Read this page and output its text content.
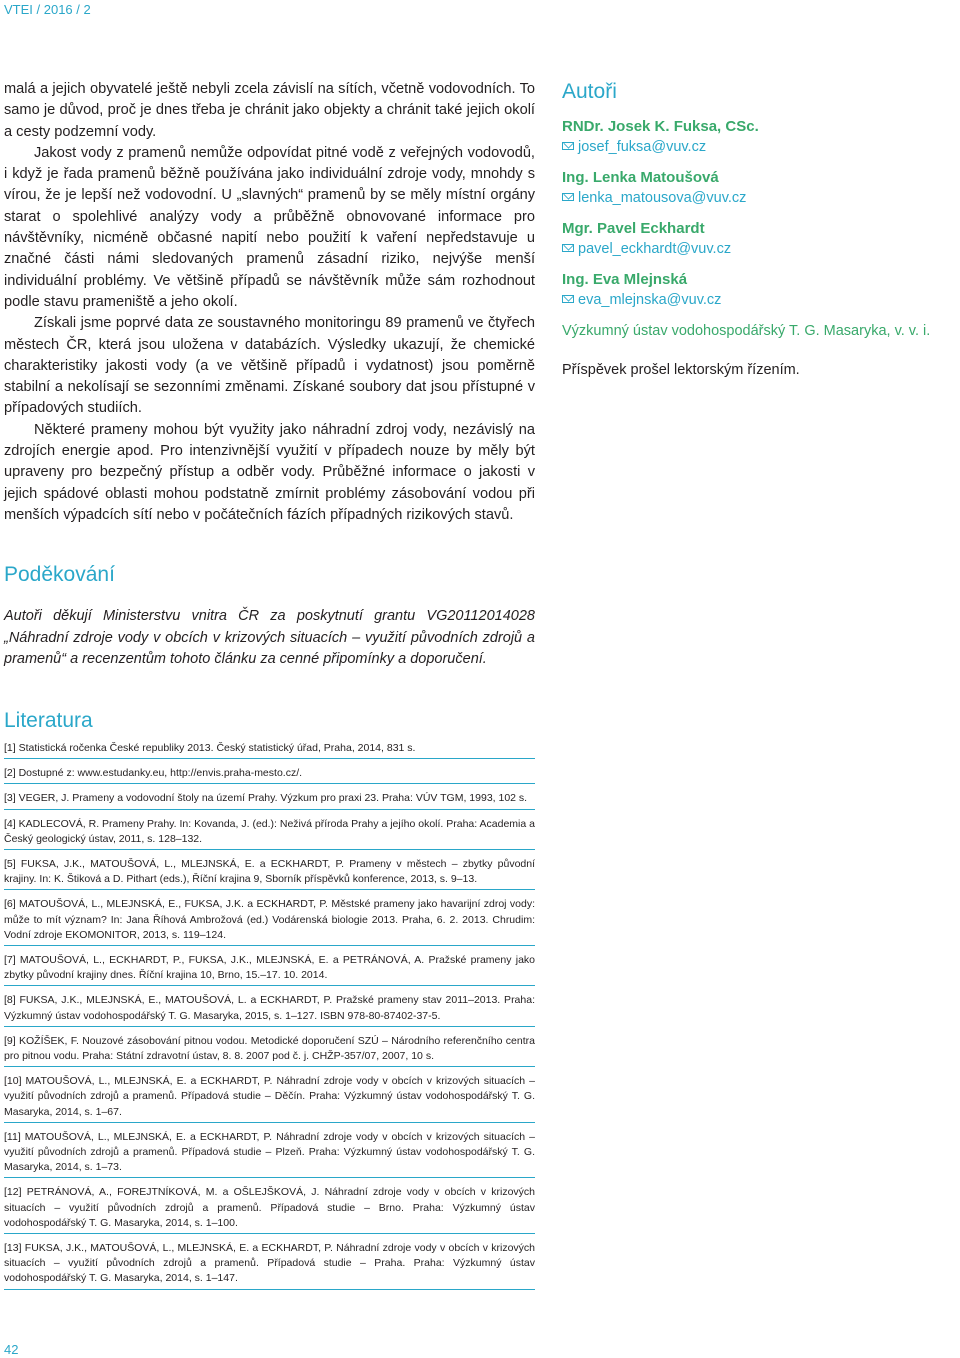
VTEI / 2016 / 2

malá a jejich obyvatelé ještě nebyli zcela závislí na sítích, včetně vodovodních. To samo je důvod, proč je dnes třeba je chránit jako objekty a chránit také jejich okolí a cesty podzemní vody.

Jakost vody z pramenů nemůže odpovídat pitné vodě z veřejných vodovodů, i když je řada pramenů běžně používána jako individuální zdroje vody, mnohdy s vírou, že je lepší než vodovodní. U „slavných“ pramenů by se měly místní orgány starat o spolehlivé analýzy vody a průběžně obnovované informace pro návštěvníky, nicméně občasné napití nebo použití k vaření nepředstavuje u značné části námi sledovaných pramenů zásadní riziko, nejvýše menší individuální problémy. Ve většině případů se návštěvník může sám rozhodnout podle stavu prameniště a jeho okolí.

Získali jsme poprvé data ze soustavného monitoringu 89 pramenů ve čtyřech městech ČR, která jsou uložena v databázích. Výsledky ukazují, že chemické charakteristiky jakosti vody (a ve většině případů i vydatnost) jsou poměrně stabilní a nekolísají se sezonními změnami. Získané soubory dat jsou přístupné v případových studiích.

Některé prameny mohou být využity jako náhradní zdroj vody, nezávislý na zdrojích energie apod. Pro intenzivnější využití v případech nouze by měly být upraveny pro bezpečný přístup a odběr vody. Průběžné informace o jakosti v jejich spádové oblasti mohou podstatně zmírnit problémy zásobování vodou při menších výpadcích sítí nebo v počátečních fázích případných rizikových stavů.

Autoři
RNDr. Josek K. Fuksa, CSc.
josef_fuksa@vuv.cz
Ing. Lenka Matoušová
lenka_matousova@vuv.cz
Mgr. Pavel Eckhardt
pavel_eckhardt@vuv.cz
Ing. Eva Mlejnská
eva_mlejnska@vuv.cz
Výzkumný ústav vodohospodářský T. G. Masaryka, v. v. i.
Příspěvek prošel lektorským řízením.
Poděkování
Autoři děkují Ministerstvu vnitra ČR za poskytnutí grantu VG20112014028 „Náhradní zdroje vody v obcích v krizových situacích – využití původních zdrojů a pramenů“ a recenzentům tohoto článku za cenné připomínky a doporučení.
Literatura
[1] Statistická ročenka České republiky 2013. Český statistický úřad, Praha, 2014, 831 s.
[2] Dostupné z: www.estudanky.eu, http://envis.praha-mesto.cz/.
[3] VEGER, J. Prameny a vodovodní štoly na území Prahy. Výzkum pro praxi 23. Praha: VÚV TGM, 1993, 102 s.
[4] KADLECOVÁ, R. Prameny Prahy. In: Kovanda, J. (ed.): Neživá příroda Prahy a jejího okolí. Praha: Academia a Český geologický ústav, 2011, s. 128–132.
[5] FUKSA, J.K., MATOUŠOVÁ, L., MLEJNSKÁ, E. a ECKHARDT, P. Prameny v městech – zbytky původní krajiny. In: K. Štiková a D. Pithart (eds.), Říční krajina 9, Sborník příspěvků konference, 2013, s. 9–13.
[6] MATOUŠOVÁ, L., MLEJNSKÁ, E., FUKSA, J.K. a ECKHARDT, P. Městské prameny jako havarijní zdroj vody: může to mít význam? In: Jana Říhová Ambrožová (ed.) Vodárenská biologie 2013. Praha, 6. 2. 2013. Chrudim: Vodní zdroje EKOMONITOR, 2013, s. 119–124.
[7] MATOUŠOVÁ, L., ECKHARDT, P., FUKSA, J.K., MLEJNSKÁ, E. a PETRÁNOVÁ, A. Pražské prameny jako zbytky původní krajiny dnes. Říční krajina 10, Brno, 15.–17. 10. 2014.
[8] FUKSA, J.K., MLEJNSKÁ, E., MATOUŠOVÁ, L. a ECKHARDT, P. Pražské prameny stav 2011–2013. Praha: Výzkumný ústav vodohospodářský T. G. Masaryka, 2015, s. 1–127. ISBN 978-80-87402-37-5.
[9] KOŽÍŠEK, F. Nouzové zásobování pitnou vodou. Metodické doporučení SZÚ – Národního referenčního centra pro pitnou vodu. Praha: Státní zdravotní ústav, 8. 8. 2007 pod č. j. CHŽP-357/07, 2007, 10 s.
[10] MATOUŠOVÁ, L., MLEJNSKÁ, E. a ECKHARDT, P. Náhradní zdroje vody v obcích v krizových situacích – využití původních zdrojů a pramenů. Případová studie – Děčín. Praha: Výzkumný ústav vodohospodářský T. G. Masaryka, 2014, s. 1–67.
[11] MATOUŠOVÁ, L., MLEJNSKÁ, E. a ECKHARDT, P. Náhradní zdroje vody v obcích v krizových situacích – využití původních zdrojů a pramenů. Případová studie – Plzeň. Praha: Výzkumný ústav vodohospodářský T. G. Masaryka, 2014, s. 1–73.
[12] PETRÁNOVÁ, A., FOREJTNÍKOVÁ, M. a OŠLEJŠKOVÁ, J. Náhradní zdroje vody v obcích v krizových situacích – využití původních zdrojů a pramenů. Případová studie – Brno. Praha: Výzkumný ústav vodohospodářský T. G. Masaryka, 2014, s. 1–100.
[13] FUKSA, J.K., MATOUŠOVÁ, L., MLEJNSKÁ, E. a ECKHARDT, P. Náhradní zdroje vody v obcích v krizových situacích – využití původních zdrojů a pramenů. Případová studie – Praha. Praha: Výzkumný ústav vodohospodářský T. G. Masaryka, 2014, s. 1–147.
42
